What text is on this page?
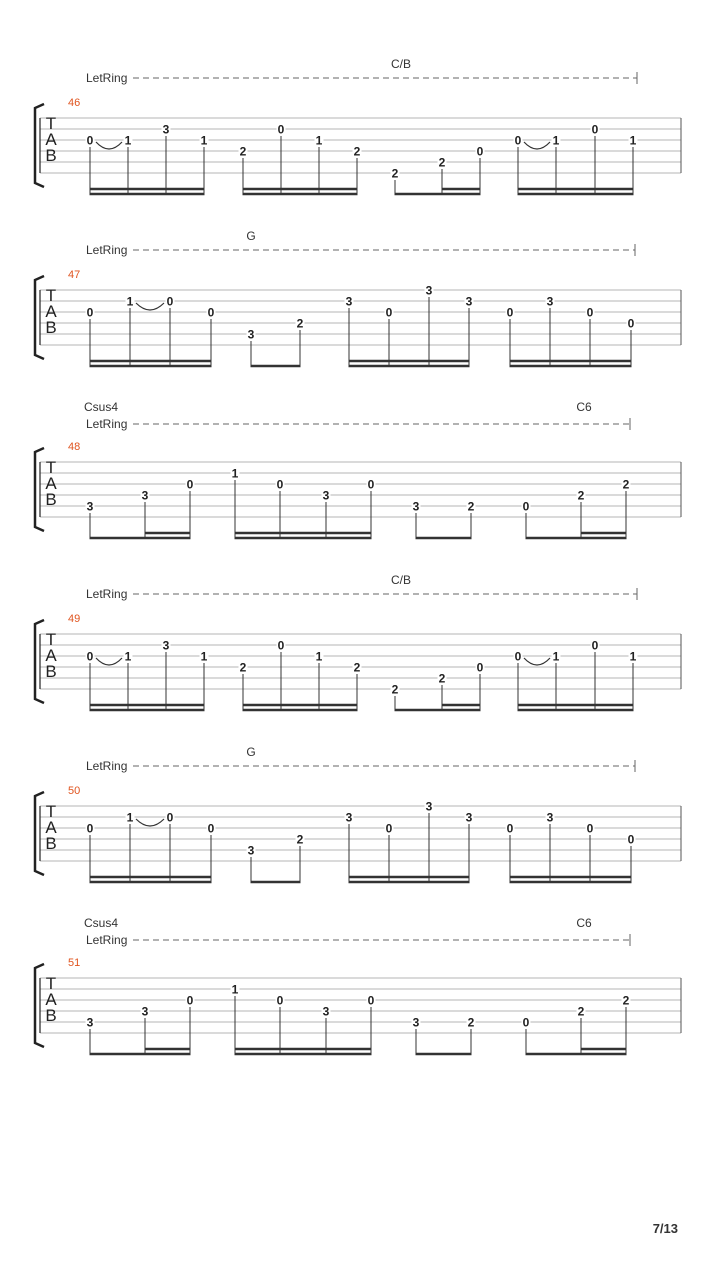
T
A
B
46
C/B
LetRing
0	1
3
1
2
0
1
2
2
2
0
0	1
0
1
T
A
B
47
G
LetRing
0
1	0
0
3
2
3
0
3
3
0
3
0
0
T
A
B
48
Csus4	C6
LetRing
3
3
0
1
0
3
0
3	2	0
2
2
T
A
B
49
C/B
LetRing
0	1
3
1
2
0
1
2
2
2
0
0	1
0
1
T
A
B
50
G
LetRing
0
1	0
0
3
2
3
0
3
3
0
3
0
0
T
A
B
51
Csus4	C6
LetRing
3
3
0
1
0
3
0
3	2	0
2
2
7/13
